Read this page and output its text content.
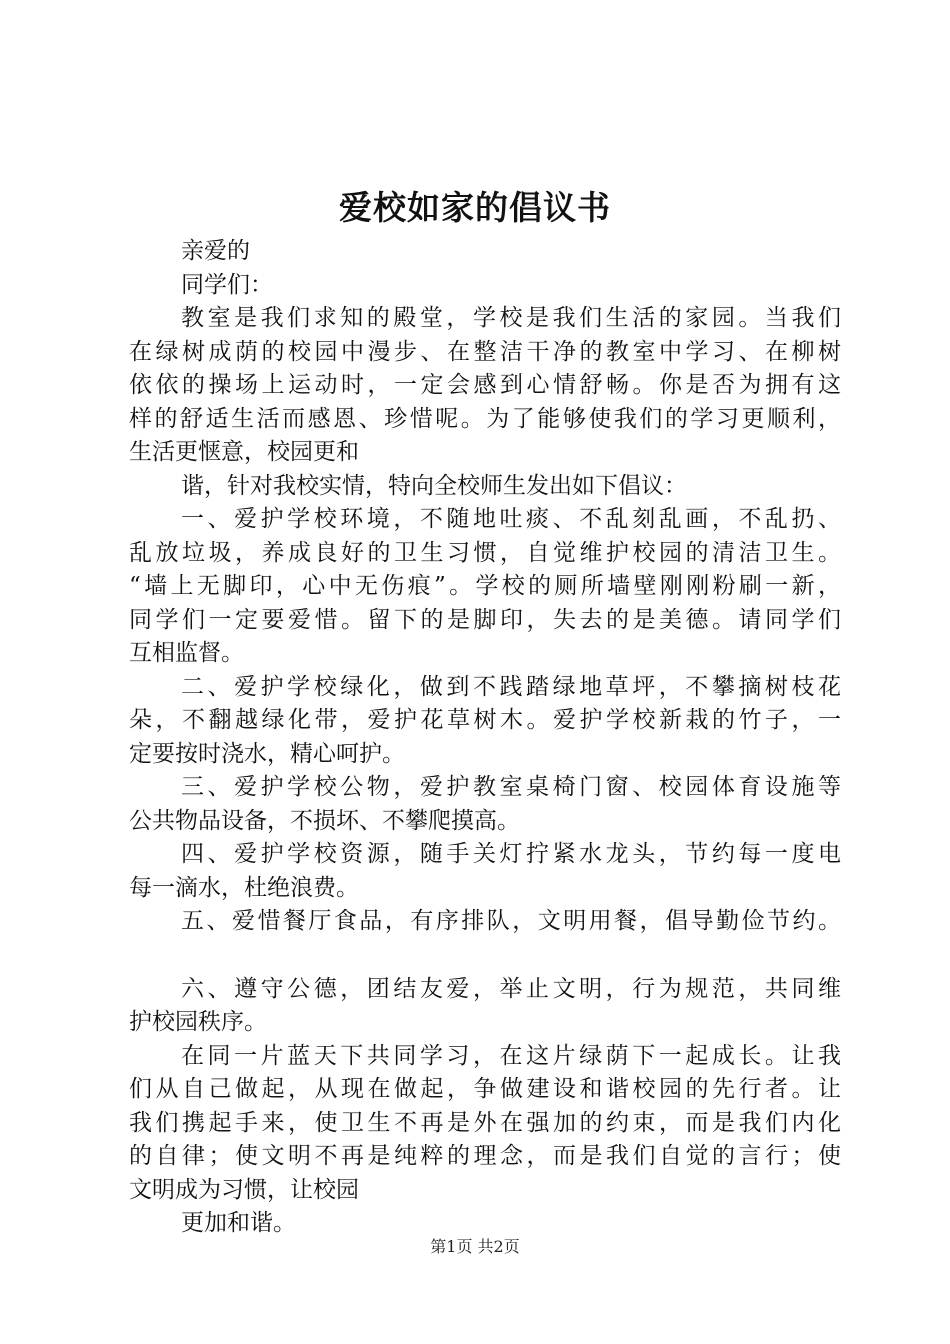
爱校如家的倡议书

亲爱的

同学们：

教室是我们求知的殿堂，学校是我们生活的家园。当我们

在绿树成荫的校园中漫步、在整洁干净的教室中学习、在柳树

依依的操场上运动时，一定会感到心情舒畅。你是否为拥有这

样的舒适生活而感恩、珍惜呢。为了能够使我们的学习更顺利，

生活更惬意，校园更和

谐，针对我校实情，特向全校师生发出如下倡议：

一、爱护学校环境，不随地吐痰、不乱刻乱画，不乱扔、

乱放垃圾，养成良好的卫生习惯，自觉维护校园的清洁卫生。

“墙上无脚印，心中无伤痕”。学校的厕所墙壁刚刚粉刷一新，

同学们一定要爱惜。留下的是脚印，失去的是美德。请同学们

互相监督。

二、爱护学校绿化，做到不践踏绿地草坪，不攀摘树枝花

朵，不翻越绿化带，爱护花草树木。爱护学校新栽的竹子，一

定要按时浇水，精心呵护。

三、爱护学校公物，爱护教室桌椅门窗、校园体育设施等

公共物品设备，不损坏、不攀爬摸高。

四、爱护学校资源，随手关灯拧紧水龙头，节约每一度电

每一滴水，杜绝浪费。

五、爱惜餐厅食品，有序排队，文明用餐，倡导勤俭节约。

六、遵守公德，团结友爱，举止文明，行为规范，共同维

护校园秩序。

在同一片蓝天下共同学习，在这片绿荫下一起成长。让我

们从自己做起，从现在做起，争做建设和谐校园的先行者。让

我们携起手来，使卫生不再是外在强加的约束，而是我们内化

的自律；使文明不再是纯粹的理念，而是我们自觉的言行；使

文明成为习惯，让校园

更加和谐。

第1页 共2页
